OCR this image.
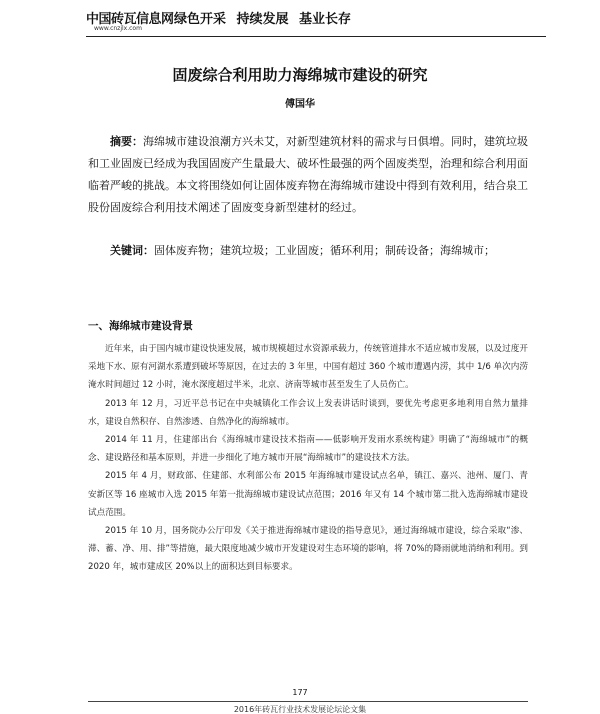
中国砖瓦信息网
www.cnzjlx.com
绿色开采 持续发展 基业长存
固废综合利用助力海绵城市建设的研究
傅国华

摘要：海绵城市建设浪潮方兴未艾，对新型建筑材料的需求与日俱增。同时，建筑垃圾和工业固废已经成为我国固废产生量最大、破坏性最强的两个固废类型，治理和综合利用面临着严峻的挑战。本文将围绕如何让固体废弃物在海绵城市建设中得到有效利用，结合泉工股份固废综合利用技术阐述了固废变身新型建材的经过。

关键词：固体废弃物；建筑垃圾；工业固废；循环利用；制砖设备；海绵城市；

一、海绵城市建设背景

近年来，由于国内城市建设快速发展，城市规模超过水资源承载力，传统管道排水不适应城市发展，以及过度开采地下水、原有河湖水系遭到破坏等原因，在过去的 3 年里，中国有超过 360 个城市遭遇内涝，其中 1/6 单次内涝淹水时间超过 12 小时，淹水深度超过半米，北京、济南等城市甚至发生了人员伤亡。

2013 年 12 月，习近平总书记在中央城镇化工作会议上发表讲话时谈到，要优先考虑更多地利用自然力量排水，建设自然积存、自然渗透、自然净化的海绵城市。

2014 年 11 月，住建部出台《海绵城市建设技术指南——低影响开发雨水系统构建》明确了“海绵城市”的概念、建设路径和基本原则，并进一步细化了地方城市开展“海绵城市”的建设技术方法。

2015 年 4 月，财政部、住建部、水利部公布 2015 年海绵城市建设试点名单，镇江、嘉兴、池州、厦门、青安新区等 16 座城市入选 2015 年第一批海绵城市建设试点范围；2016 年又有 14 个城市第二批入选海绵城市建设试点范围。

2015 年 10 月，国务院办公厅印发《关于推进海绵城市建设的指导意见》，通过海绵城市建设，综合采取“渗、滞、蓄、净、用、排”等措施，最大限度地减少城市开发建设对生态环境的影响，将 70%的降雨就地消纳和利用。到 2020 年，城市建成区 20%以上的面积达到目标要求。

177
2016年砖瓦行业技术发展论坛论文集
